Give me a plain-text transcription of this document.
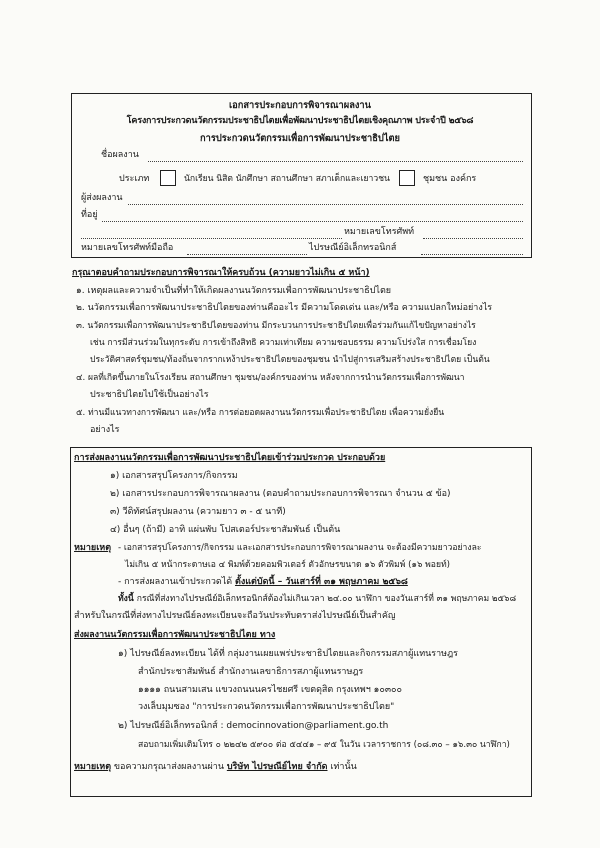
เอกสารประกอบการพิจารณาผลงาน
โครงการประกวดนวัตกรรมประชาธิปไตยเพื่อพัฒนาประชาธิปไตยเชิงคุณภาพ ประจำปี ๒๕๖๘
การประกวดนวัตกรรมเพื่อการพัฒนาประชาธิปไตย
ชื่อผลงาน
ประเภท	นักเรียน นิสิต นักศึกษา สถานศึกษา สภาเด็กและเยาวชน	ชุมชน องค์กร
ผู้ส่งผลงาน
ที่อยู่
หมายเลขโทรศัพท์
หมายเลขโทรศัพท์มือถือ	ไปรษณีย์อิเล็กทรอนิกส์
กรุณาตอบคำถามประกอบการพิจารณาให้ครบถ้วน (ความยาวไม่เกิน ๕ หน้า)
๑. เหตุผลและความจำเป็นที่ทำให้เกิดผลงานนวัตกรรมเพื่อการพัฒนาประชาธิปไตย
๒. นวัตกรรมเพื่อการพัฒนาประชาธิปไตยของท่านคืออะไร มีความโดดเด่น และ/หรือ ความแปลกใหม่อย่างไร
๓. นวัตกรรมเพื่อการพัฒนาประชาธิปไตยของท่าน มีกระบวนการประชาธิปไตยเพื่อร่วมกันแก้ไขปัญหาอย่างไร
เช่น การมีส่วนร่วมในทุกระดับ การเข้าถึงสิทธิ ความเท่าเทียม ความชอบธรรม ความโปร่งใส การเชื่อมโยง
ประวัติศาสตร์ชุมชน/ท้องถิ่นจากรากเหง้าประชาธิปไตยของชุมชน นำไปสู่การเสริมสร้างประชาธิปไตย เป็นต้น
๔. ผลที่เกิดขึ้นภายในโรงเรียน สถานศึกษา ชุมชน/องค์กรของท่าน หลังจากการนำนวัตกรรมเพื่อการพัฒนา
ประชาธิปไตยไปใช้เป็นอย่างไร
๕. ท่านมีแนวทางการพัฒนา และ/หรือ การต่อยอดผลงานนวัตกรรมเพื่อประชาธิปไตย เพื่อความยั่งยืน
อย่างไร
การส่งผลงานนวัตกรรมเพื่อการพัฒนาประชาธิปไตยเข้าร่วมประกวด ประกอบด้วย
๑) เอกสารสรุปโครงการ/กิจกรรม
๒) เอกสารประกอบการพิจารณาผลงาน (ตอบคำถามประกอบการพิจารณา จำนวน ๕ ข้อ)
๓) วีดิทัศน์สรุปผลงาน (ความยาว ๓ - ๕ นาที)
๔) อื่นๆ (ถ้ามี) อาทิ แผ่นพับ โปสเตอร์ประชาสัมพันธ์ เป็นต้น
หมายเหตุ - เอกสารสรุปโครงการ/กิจกรรม และเอกสารประกอบการพิจารณาผลงาน จะต้องมีความยาวอย่างละ
ไม่เกิน ๕ หน้ากระดาษเอ ๔ พิมพ์ด้วยคอมพิวเตอร์ ตัวอักษรขนาด ๑๖ ตัวพิมพ์ (๑๖ พอยท์)
- การส่งผลงานเข้าประกวดได้ ตั้งแต่บัดนี้ – วันเสาร์ที่ ๓๑ พฤษภาคม ๒๕๖๘
ทั้งนี้ กรณีที่ส่งทางไปรษณีย์อิเล็กทรอนิกส์ต้องไม่เกินเวลา ๒๔.๐๐ นาฬิกา ของวันเสาร์ที่ ๓๑ พฤษภาคม ๒๕๖๘
สำหรับในกรณีที่ส่งทางไปรษณีย์ลงทะเบียนจะถือวันประทับตราส่งไปรษณีย์เป็นสำคัญ
ส่งผลงานนวัตกรรมเพื่อการพัฒนาประชาธิปไตย ทาง
๑) ไปรษณีย์ลงทะเบียน ได้ที่ กลุ่มงานเผยแพร่ประชาธิปไตยและกิจกรรมสภาผู้แทนราษฎร
สำนักประชาสัมพันธ์ สำนักงานเลขาธิการสภาผู้แทนราษฎร
๑๑๑๑ ถนนสามเสน แขวงถนนนครไชยศรี เขตดุสิต กรุงเทพฯ ๑๐๓๐๐
วงเล็บมุมซอง "การประกวดนวัตกรรมเพื่อการพัฒนาประชาธิปไตย"
๒) ไปรษณีย์อิเล็กทรอนิกส์ : democinnovation@parliament.go.th
สอบถามเพิ่มเติมโทร ๐ ๒๒๔๒ ๕๙๐๐ ต่อ ๕๔๔๑ – ๙๕ ในวัน เวลาราชการ (๐๘.๓๐ – ๑๖.๓๐ นาฬิกา)
หมายเหตุ ขอความกรุณาส่งผลงานผ่าน บริษัท ไปรษณีย์ไทย จำกัด เท่านั้น
